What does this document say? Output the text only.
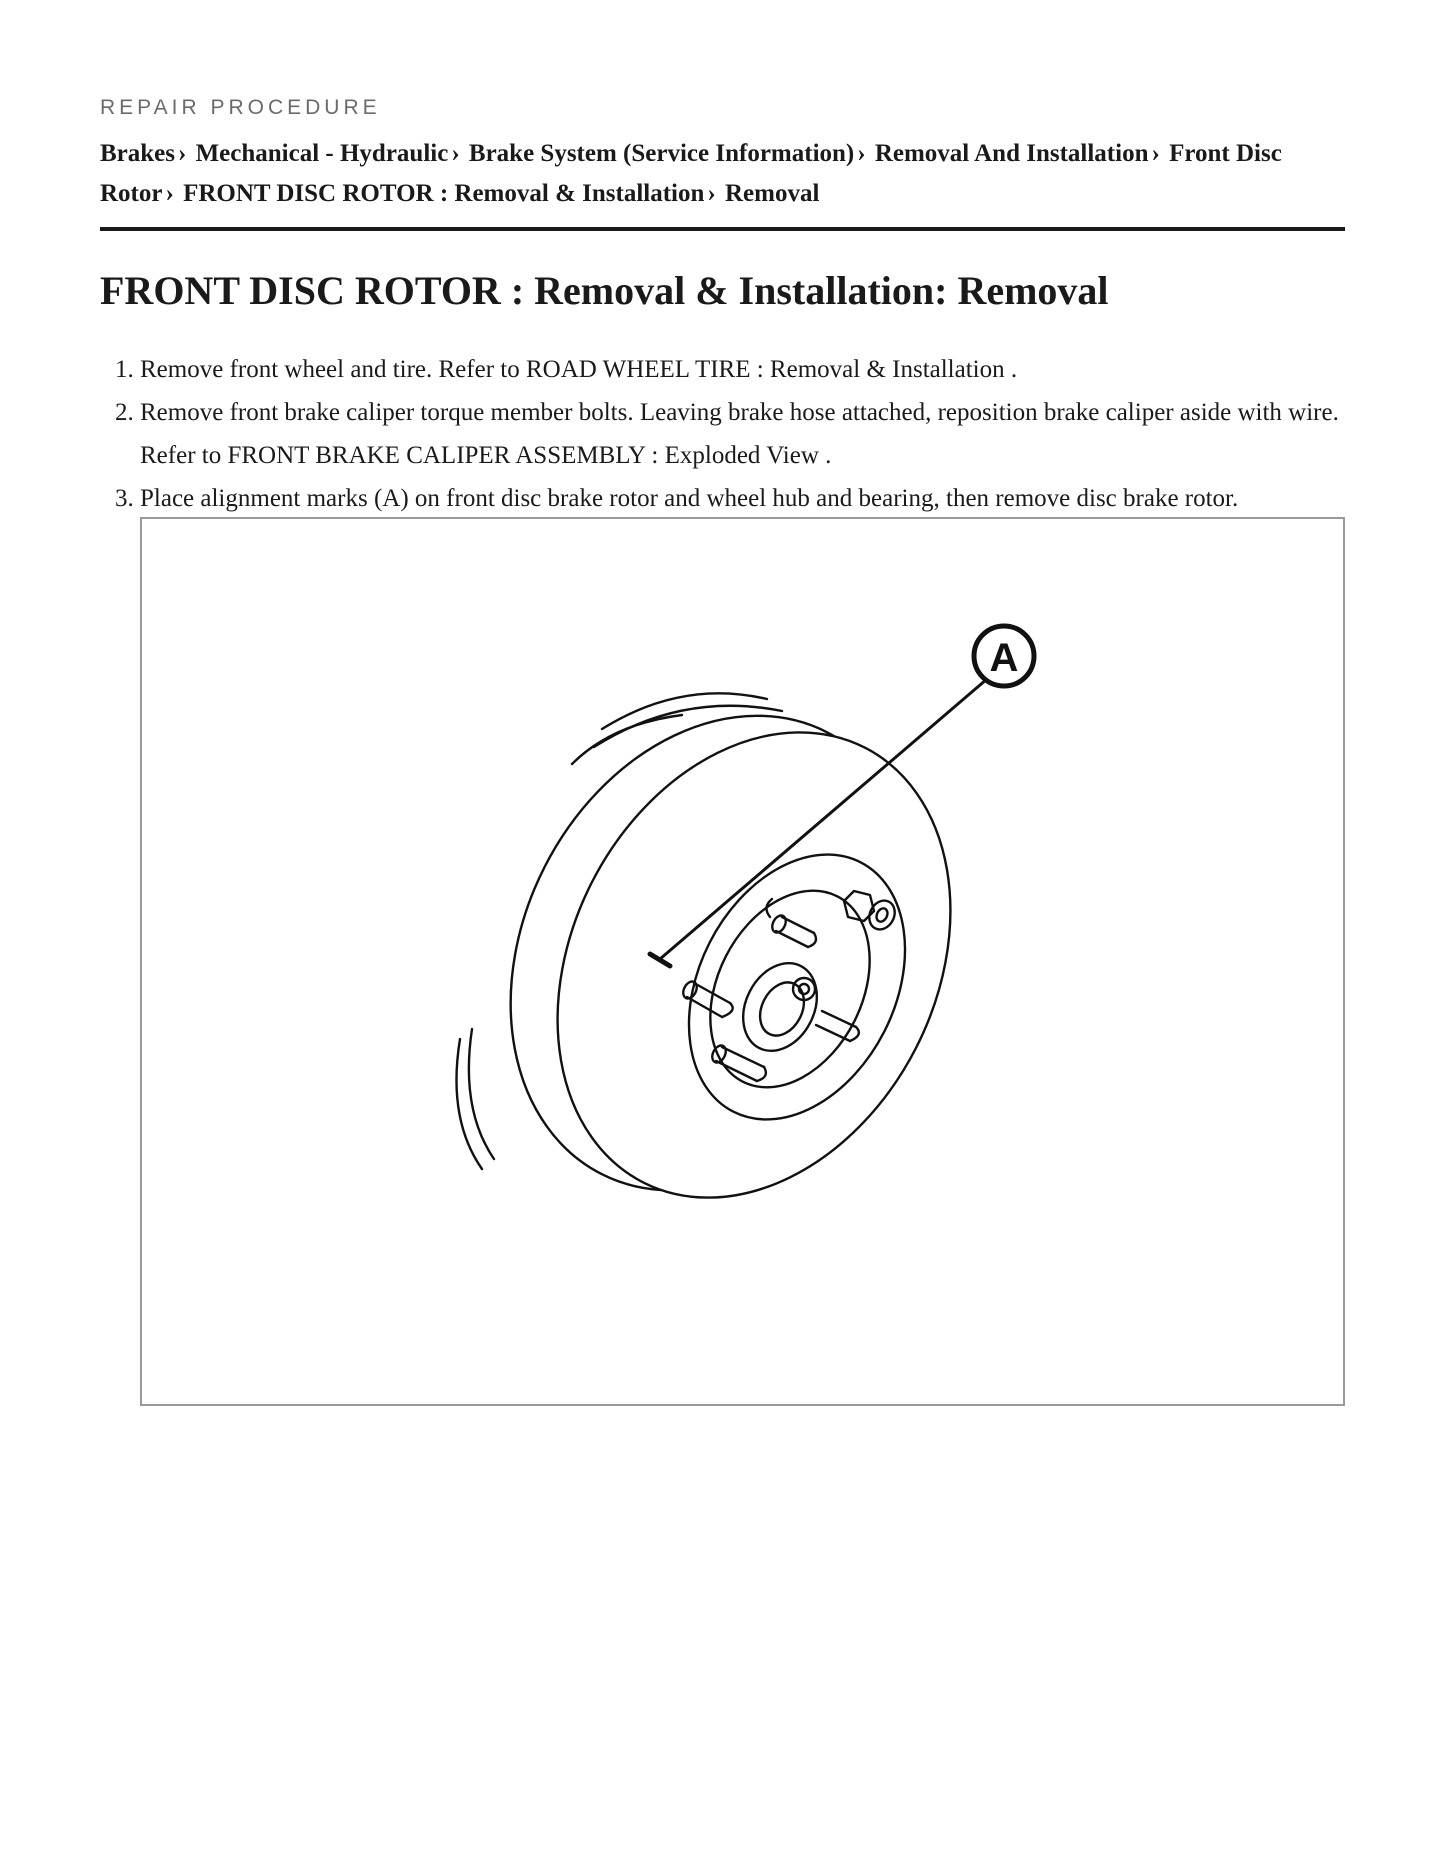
REPAIR PROCEDURE
Brakes › Mechanical - Hydraulic › Brake System (Service Information) › Removal And Installation › Front Disc Rotor › FRONT DISC ROTOR : Removal & Installation › Removal
FRONT DISC ROTOR : Removal & Installation: Removal
1. Remove front wheel and tire. Refer to ROAD WHEEL TIRE : Removal & Installation .
2. Remove front brake caliper torque member bolts. Leaving brake hose attached, reposition brake caliper aside with wire. Refer to FRONT BRAKE CALIPER ASSEMBLY : Exploded View .
3. Place alignment marks (A) on front disc brake rotor and wheel hub and bearing, then remove disc brake rotor.
A
